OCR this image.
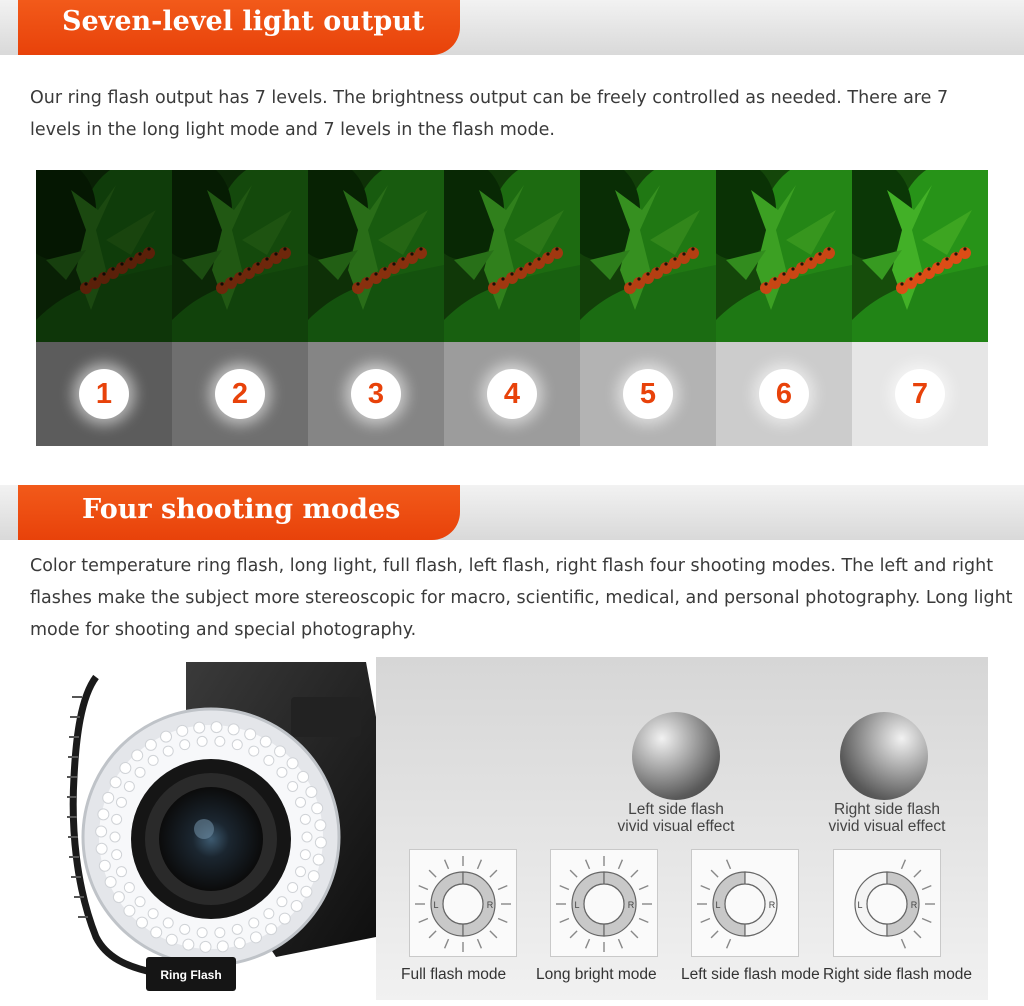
Seven-level light output

Our ring flash output has 7 levels. The brightness output can be freely controlled as needed. There are 7 levels in the long light mode and 7 levels in the flash mode.

1	2	3	4	5	6	7
Four shooting modes

Color temperature ring flash, long light, full flash, left flash, right flash four shooting modes. The left and right flashes make the subject more stereoscopic for macro, scientific, medical, and personal photography. Long light mode for shooting and special photography.

Ring Flash
Left side flash
vivid visual effect
Right side flash
vivid visual effect
L	R	L	R	L	R	L	R
Full flash mode Long bright mode Left side flash mode Right side flash mode
